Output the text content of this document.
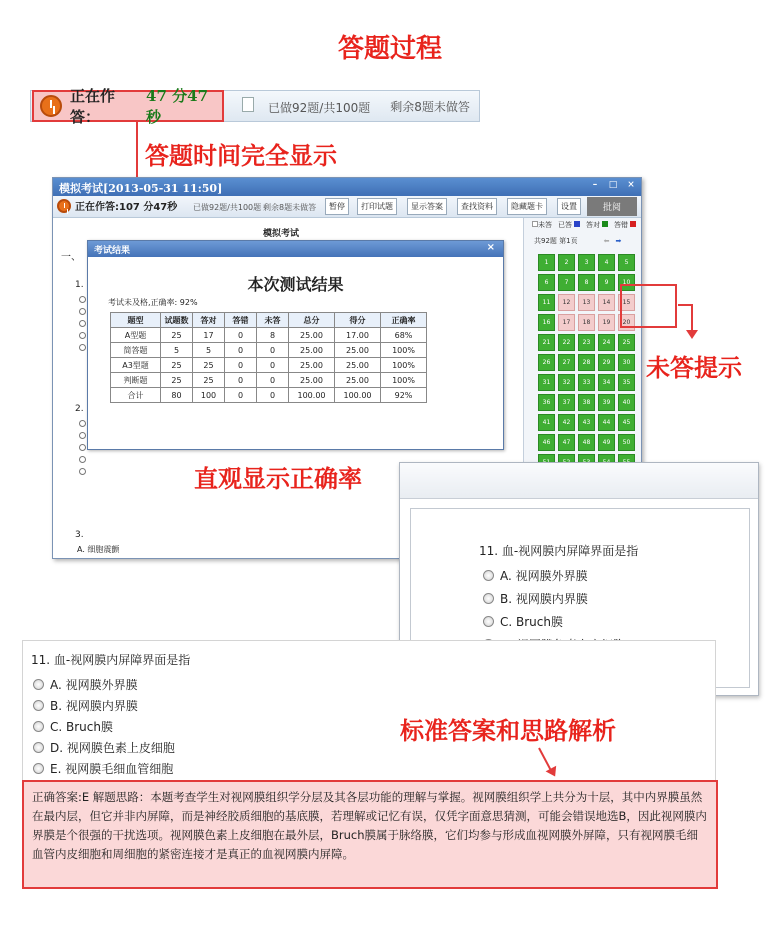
答题过程
正在作答：
47 分47秒	已做92题/共100题 剩余8题未做答
答题时间完全显示
模拟考试[2013-05-31 11:50]	–	□	×
正在作答:107 分47秒 已做92题/共100题 剩余8题未做答	暂停	打印试题	显示答案	查找资料	隐藏题卡	设置	批阅
模拟考试
一、
1.
2.
3.
A. 细胞震颤
未答 已答	答对	答错
共92题 第1页	⬅ ➡
1	2	3	4	5
6	7	8	9	10
11	12	13	14	15
16	17	18	19	20
21	22	23	24	25
26	27	28	29	30
31	32	33	34	35
36	37	38	39	40
41	42	43	44	45
46	47	48	49	50
考试结果	×
本次测试结果
考试未及格,正确率: 92%
题型	试题数	答对	答错	未答	总分	得分	正确率
A型题	25	17	0	8	25.00	17.00	68%
简答题	5	5	0	0	25.00	25.00	100%
A3型题	25	25	0	0	25.00	25.00	100%
判断题	25	25	0	0	25.00	25.00	100%
合计	80	100	0	0	100.00	100.00	92%
未答提示
直观显示正确率
11. 血-视网膜内屏障界面是指
A. 视网膜外界膜
B. 视网膜内界膜
C. Bruch膜
11. 血-视网膜内屏障界面是指
A. 视网膜外界膜
B. 视网膜内界膜
C. Bruch膜
D. 视网膜色素上皮细胞
E. 视网膜毛细血管细胞
标准答案和思路解析
正确答案:E 解题思路：本题考查学生对视网膜组织学分层及其各层功能的理解与掌握。视网膜组织学上共分为十层，其中内界膜虽然在最内层，但它并非内屏障，而是神经胶质细胞的基底膜，若理解或记忆有误，仅凭字面意思猜测，可能会错误地选B，因此视网膜内界膜是个很强的干扰选项。视网膜色素上皮细胞在最外层，Bruch膜属于脉络膜，它们均参与形成血视网膜外屏障，只有视网膜毛细血管内皮细胞和周细胞的紧密连接才是真正的血视网膜内屏障。
